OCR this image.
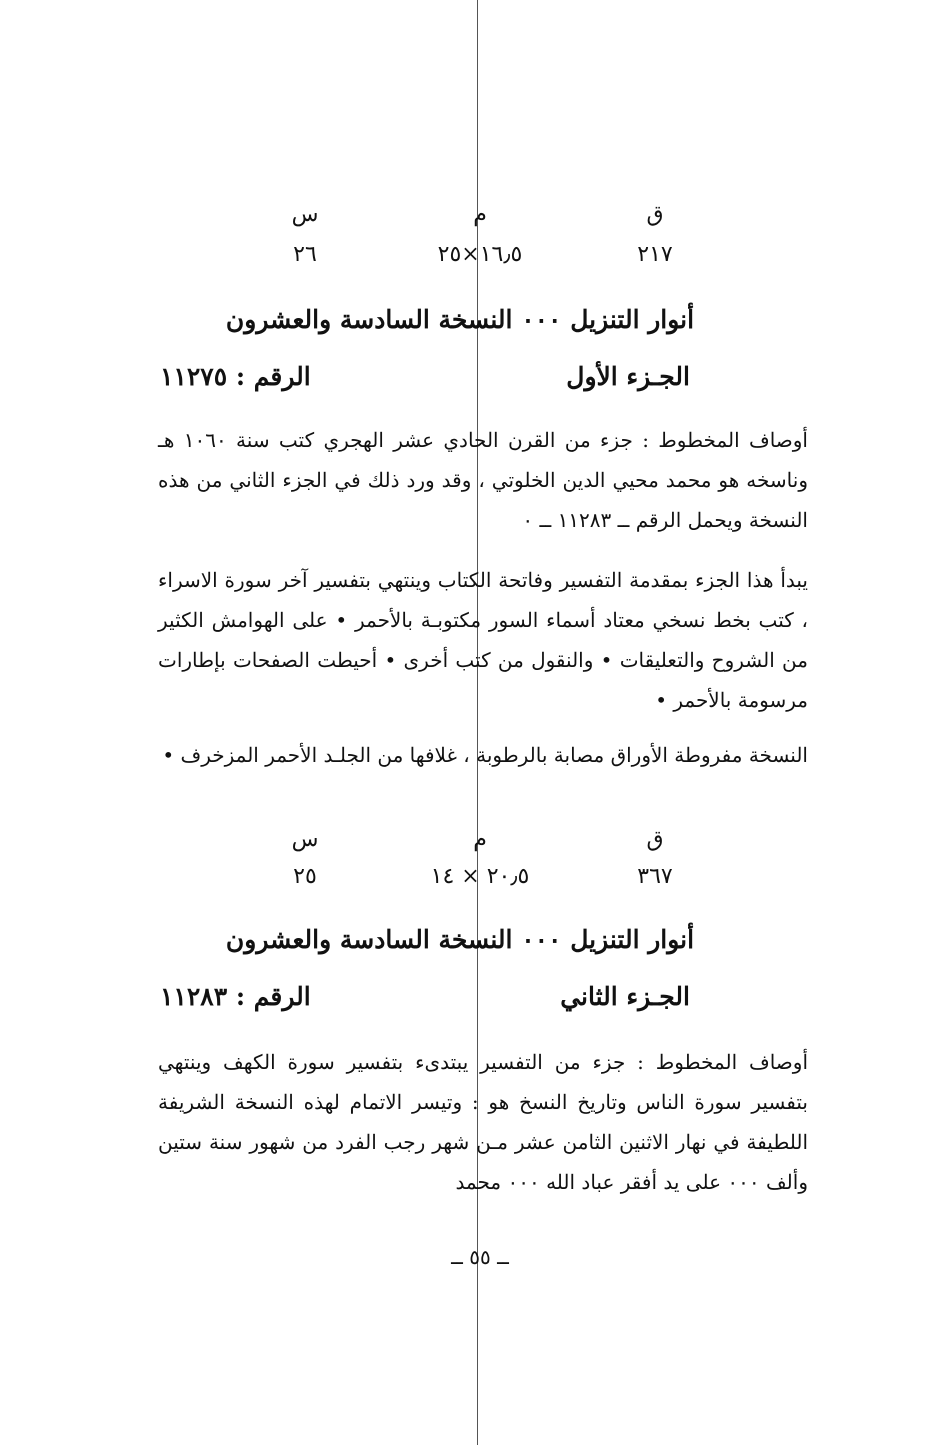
ق
م
س
٢١٧
١٦٫٥×٢٥
٢٦
أنوار التنزيل ٠٠٠ النسخة السادسة والعشرون
الجـزء الأول
الرقم : ١١٢٧٥
أوصاف المخطوط : جزء من القرن الحادي عشر الهجري كتب سنة ١٠٦٠ هـ وناسخه هو محمد محيي الدين الخلوتي ، وقد ورد ذلك في الجزء الثاني من هذه النسخة ويحمل الرقم ــ ١١٢٨٣ ــ ٠
يبدأ هذا الجزء بمقدمة التفسير وفاتحة الكتاب وينتهي بتفسير آخر سورة الاسراء ، كتب بخط نسخي معتاد أسماء السور مكتوبـة بالأحمر • على الهوامش الكثير من الشروح والتعليقات • والنقول من كتب أخرى • أحيطت الصفحات بإطارات مرسومة بالأحمر •
النسخة مفروطة الأوراق مصابة بالرطوبة ، غلافها من الجلـد الأحمر المزخرف •
ق
م
س
٣٦٧
٢٠٫٥ × ١٤
٢٥
أنوار التنزيل ٠٠٠ النسخة السادسة والعشرون
الجـزء الثاني
الرقم : ١١٢٨٣
أوصاف المخطوط : جزء من التفسير يبتدىء بتفسير سورة الكهف وينتهي بتفسير سورة الناس وتاريخ النسخ هو : وتيسر الاتمام لهذه النسخة الشريفة اللطيفة في نهار الاثنين الثامن عشر مـن شهر رجب الفرد من شهور سنة ستين وألف ٠٠٠ على يد أفقر عباد الله ٠٠٠ محمد
ــ ٥٥ ــ
